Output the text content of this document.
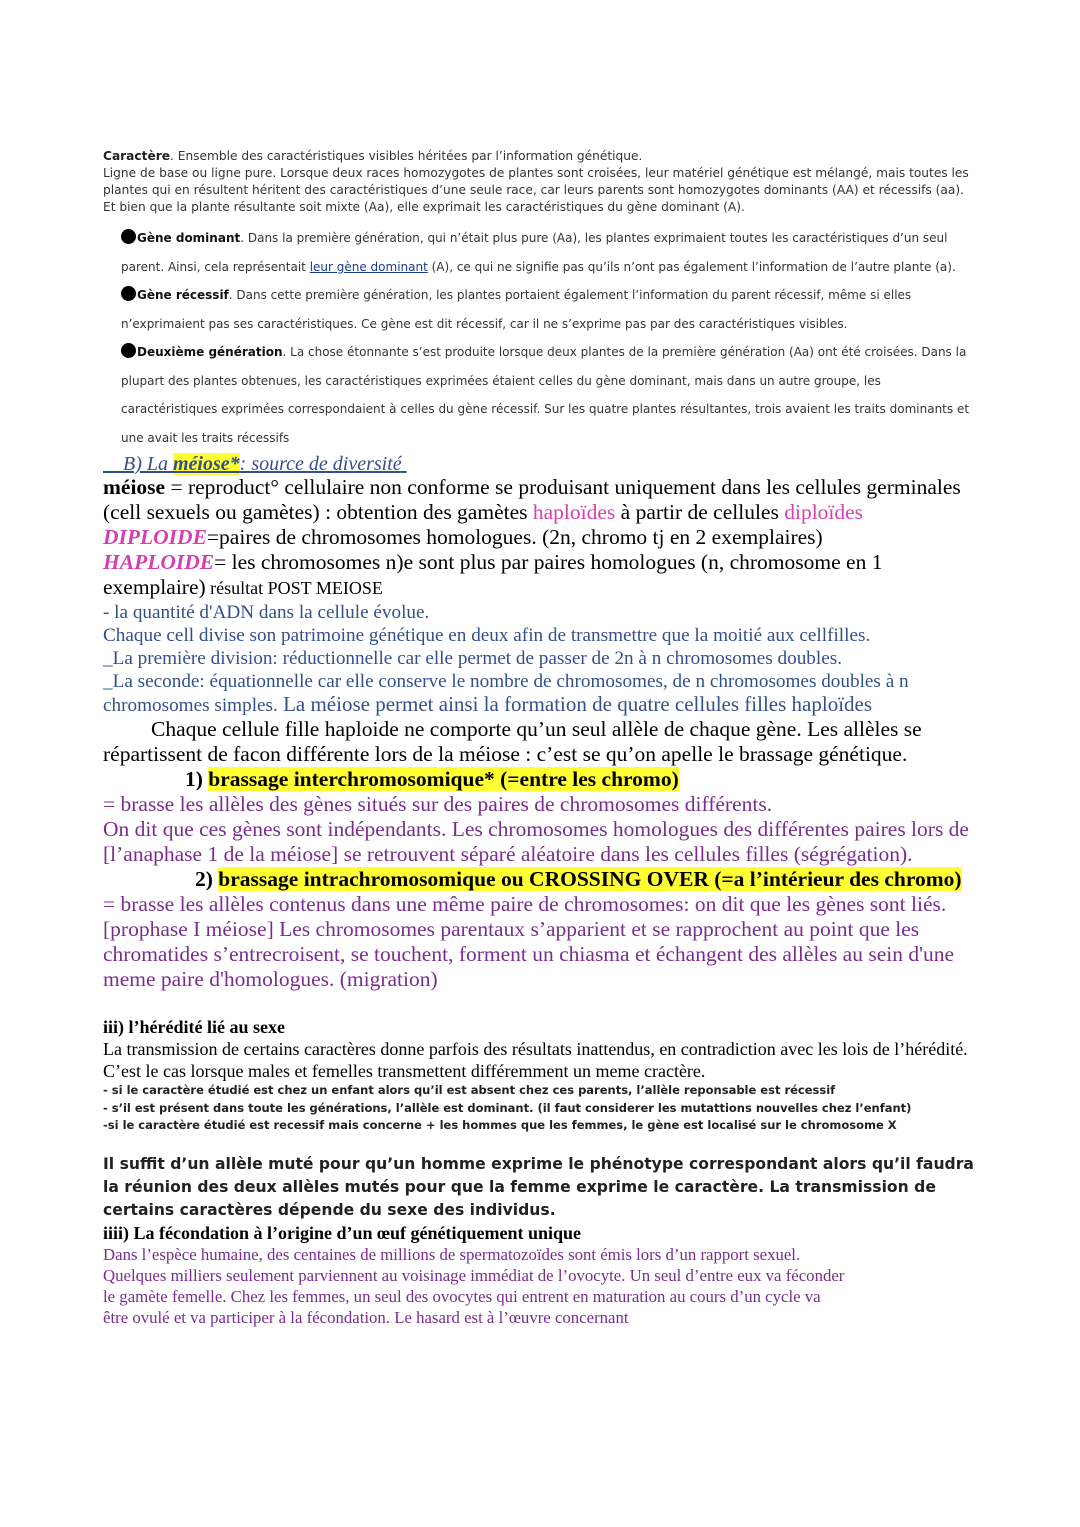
Caractère. Ensemble des caractéristiques visibles héritées par l’information génétique.

Ligne de base ou ligne pure. Lorsque deux races homozygotes de plantes sont croisées, leur matériel génétique est mélangé, mais toutes les plantes qui en résultent héritent des caractéristiques d’une seule race, car leurs parents sont homozygotes dominants (AA) et récessifs (aa). Et bien que la plante résultante soit mixte (Aa), elle exprimait les caractéristiques du gène dominant (A).

Gène dominant. Dans la première génération, qui n’était plus pure (Aa), les plantes exprimaient toutes les caractéristiques d’un seul parent. Ainsi, cela représentait leur gène dominant (A), ce qui ne signifie pas qu’ils n’ont pas également l’information de l’autre plante (a).

Gène récessif. Dans cette première génération, les plantes portaient également l’information du parent récessif, même si elles n’exprimaient pas ses caractéristiques. Ce gène est dit récessif, car il ne s’exprime pas par des caractéristiques visibles.

Deuxième génération. La chose étonnante s’est produite lorsque deux plantes de la première génération (Aa) ont été croisées. Dans la plupart des plantes obtenues, les caractéristiques exprimées étaient celles du gène dominant, mais dans un autre groupe, les caractéristiques exprimées correspondaient à celles du gène récessif. Sur les quatre plantes résultantes, trois avaient les traits dominants et une avait les traits récessifs

B) La méiose*: source de diversité

méiose = reproduct° cellulaire non conforme se produisant uniquement dans les cellules germinales (cell sexuels ou gamètes) : obtention des gamètes haploïdes à partir de cellules diploïdes

DIPLOIDE=paires de chromosomes homologues. (2n, chromo tj en 2 exemplaires)

HAPLOIDE= les chromosomes n)e sont plus par paires homologues (n, chromosome en 1 exemplaire) résultat POST MEIOSE

- la quantité d'ADN dans la cellule évolue.

Chaque cell divise son patrimoine génétique en deux afin de transmettre que la moitié aux cellfilles.

_La première division: réductionnelle car elle permet de passer de 2n à n chromosomes doubles.

_La seconde: équationnelle car elle conserve le nombre de chromosomes, de n chromosomes doubles à n chromosomes simples. La méiose permet ainsi la formation de quatre cellules filles haploïdes

Chaque cellule fille haploide ne comporte qu’un seul allèle de chaque gène. Les allèles se répartissent de facon différente lors de la méiose : c’est se qu’on apelle le brassage génétique.

1) brassage interchromosomique* (=entre les chromo)

= brasse les allèles des gènes situés sur des paires de chromosomes différents.

On dit que ces gènes sont indépendants. Les chromosomes homologues des différentes paires lors de [l’anaphase 1 de la méiose] se retrouvent séparé aléatoire dans les cellules filles (ségrégation).

2) brassage intrachromosomique ou CROSSING OVER (=a l’intérieur des chromo)

= brasse les allèles contenus dans une même paire de chromosomes: on dit que les gènes sont liés.

[prophase I méiose] Les chromosomes parentaux s’apparient et se rapprochent au point que les chromatides s’entrecroisent, se touchent, forment un chiasma et échangent des allèles au sein d'une meme paire d'homologues. (migration)

iii) l’hérédité lié au sexe

La transmission de certains caractères donne parfois des résultats inattendus, en contradiction avec les lois de l’hérédité. C’est le cas lorsque males et femelles transmettent différemment un meme cractère.

- si le caractère étudié est chez un enfant alors qu’il est absent chez ces parents, l’allèle reponsable est récessif

- s’il est présent dans toute les générations, l’allèle est dominant. (il faut considerer les mutattions nouvelles chez l’enfant)

-si le caractère étudié est recessif mais concerne + les hommes que les femmes, le gène est localisé sur le chromosome X

Il suffit d’un allèle muté pour qu’un homme exprime le phénotype correspondant alors qu’il faudra la réunion des deux allèles mutés pour que la femme exprime le caractère. La transmission de certains caractères dépende du sexe des individus.

iiii) La fécondation à l’origine d’un œuf génétiquement unique

Dans l’espèce humaine, des centaines de millions de spermatozoïdes sont émis lors d’un rapport sexuel. Quelques milliers seulement parviennent au voisinage immédiat de l’ovocyte. Un seul d’entre eux va féconder le gamète femelle. Chez les femmes, un seul des ovocytes qui entrent en maturation au cours d’un cycle va être ovulé et va participer à la fécondation. Le hasard est à l’œuvre concernant
